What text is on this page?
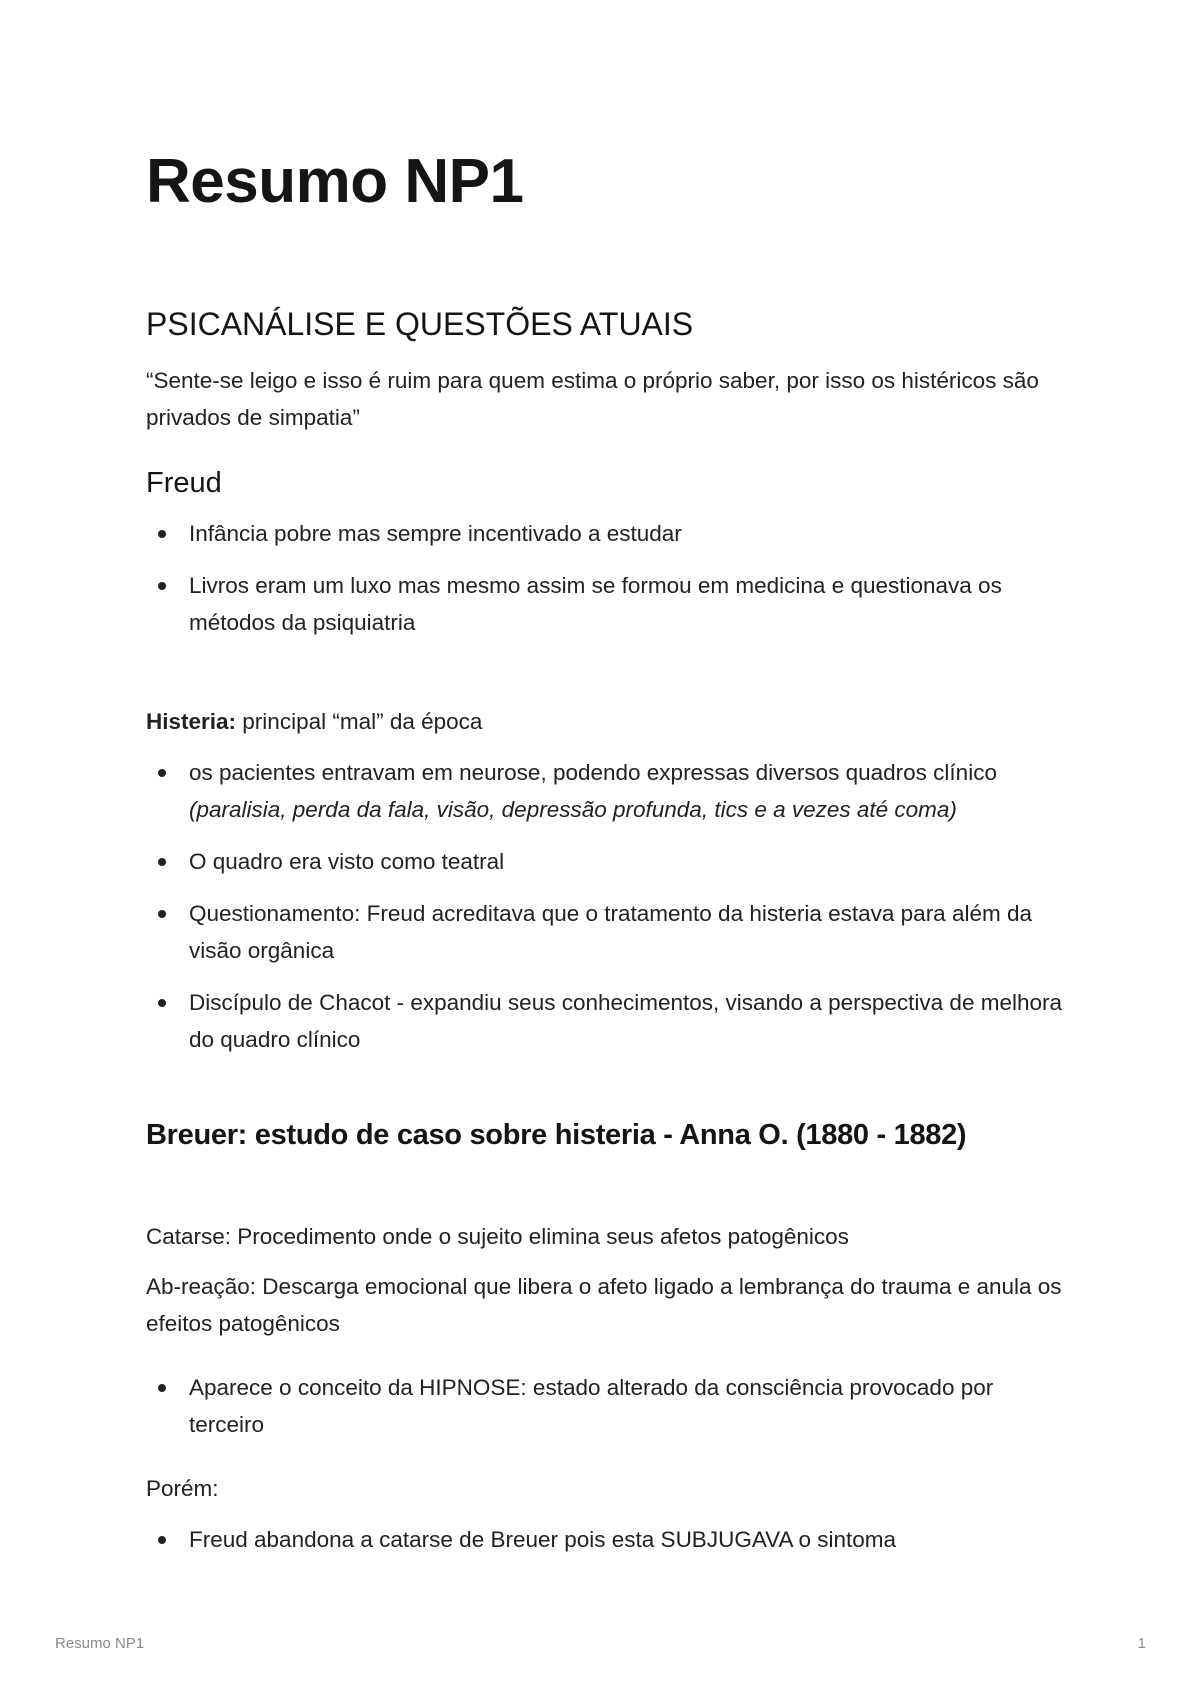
Resumo NP1
PSICANÁLISE E QUESTÕES ATUAIS

“Sente-se leigo e isso é ruim para quem estima o próprio saber, por isso os histéricos são privados de simpatia”

Freud
Infância pobre mas sempre incentivado a estudar
Livros eram um luxo mas mesmo assim se formou em medicina e questionava os métodos da psiquiatria

Histeria: principal “mal” da época

os pacientes entravam em neurose, podendo expressas diversos quadros clínico (paralisia, perda da fala, visão, depressão profunda, tics e a vezes até coma)
O quadro era visto como teatral
Questionamento: Freud acreditava que o tratamento da histeria estava para além da visão orgânica
Discípulo de Chacot - expandiu seus conhecimentos, visando a perspectiva de melhora do quadro clínico
Breuer: estudo de caso sobre histeria - Anna O. (1880 - 1882)

Catarse: Procedimento onde o sujeito elimina seus afetos patogênicos

Ab-reação: Descarga emocional que libera o afeto ligado a lembrança do trauma e anula os efeitos patogênicos

Aparece o conceito da HIPNOSE: estado alterado da consciência provocado por terceiro

Porém:

Freud abandona a catarse de Breuer pois esta SUBJUGAVA o sintoma
Resumo NP1	1
